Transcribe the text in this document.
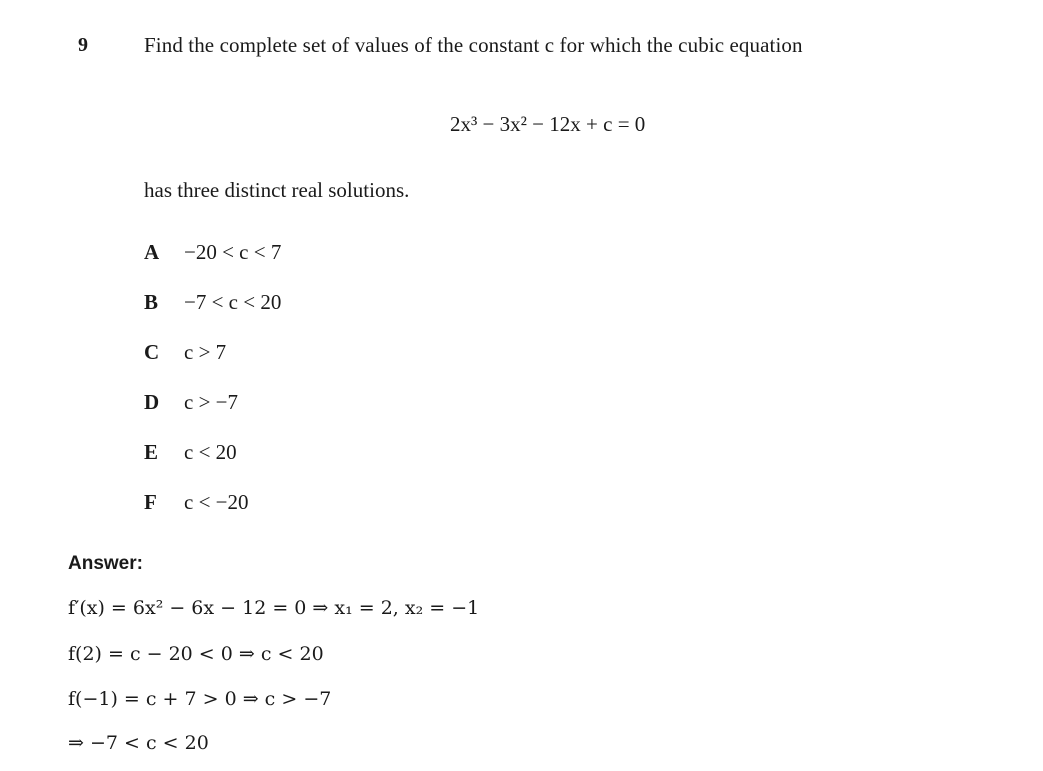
9	Find the complete set of values of the constant c for which the cubic equation
2x³ − 3x² − 12x + c = 0
has three distinct real solutions.
A	−20 < c < 7
B	−7 < c < 20
C	c > 7
D	c > −7
E	c < 20
F	c < −20
Answer:
f′(x) = 6x² − 6x − 12 = 0 ⇒ x₁ = 2, x₂ = −1
f(2) = c − 20 < 0 ⇒ c < 20
f(−1) = c + 7 > 0 ⇒ c > −7
⇒ −7 < c < 20
